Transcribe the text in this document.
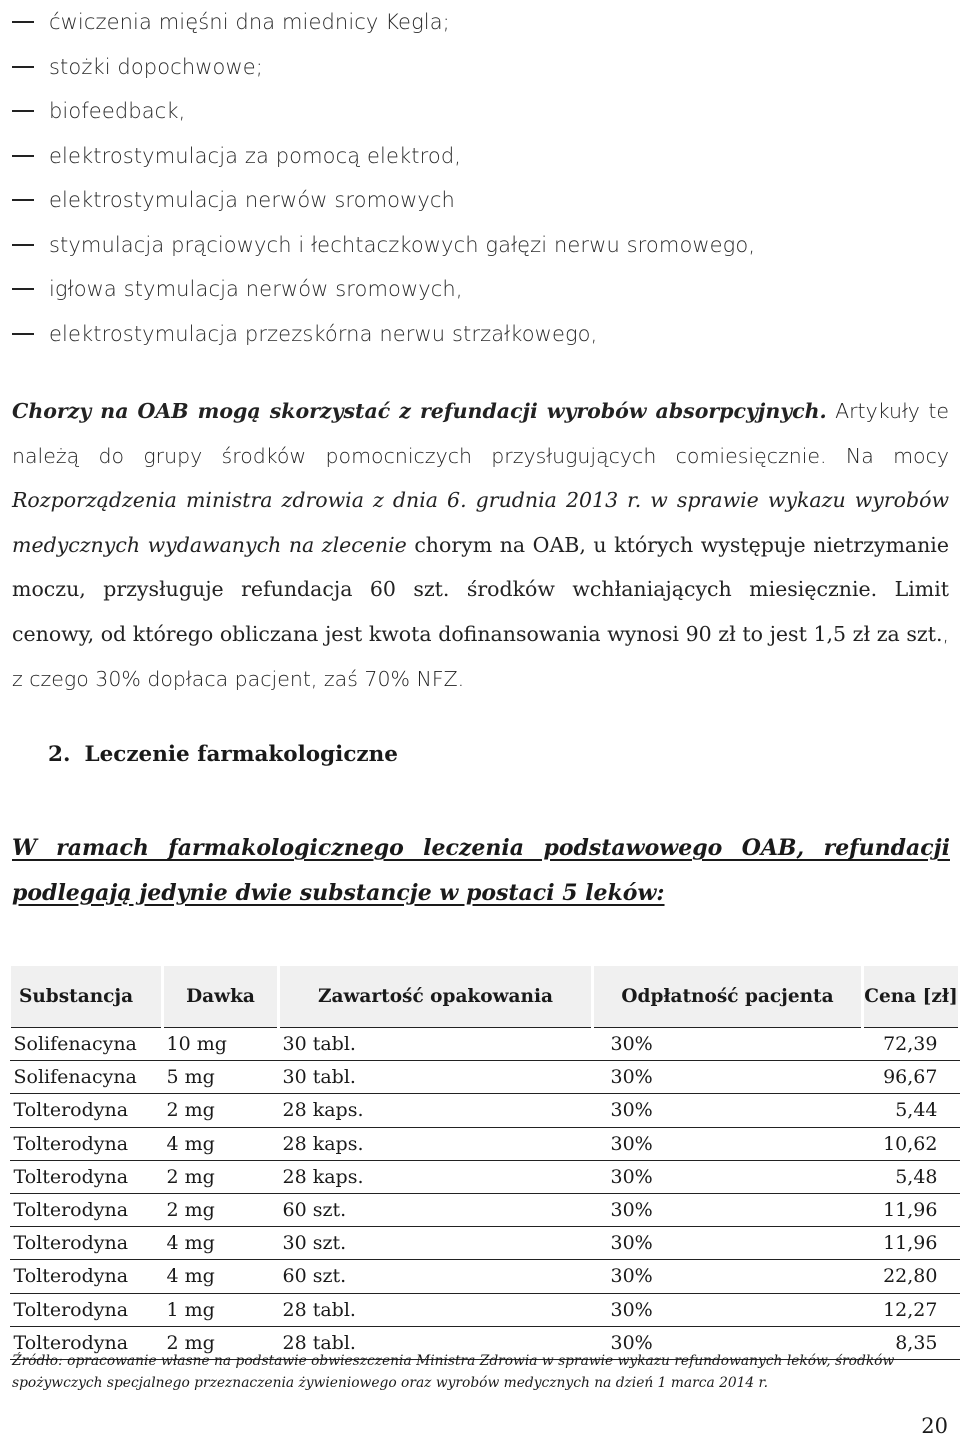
ćwiczenia mięśni dna miednicy Kegla;
stożki dopochwowe;
biofeedback,
elektrostymulacja za pomocą elektrod,
elektrostymulacja nerwów sromowych
stymulacja prąciowych i łechtaczkowych gałęzi nerwu sromowego,
igłowa stymulacja nerwów sromowych,
elektrostymulacja przezskórna nerwu strzałkowego,

Chorzy na OAB mogą skorzystać z refundacji wyrobów absorpcyjnych. Artykuły te należą do grupy środków pomocniczych przysługujących comiesięcznie. Na mocy Rozporządzenia ministra zdrowia z dnia 6. grudnia 2013 r. w sprawie wykazu wyrobów medycznych wydawanych na zlecenie chorym na OAB, u których występuje nietrzymanie moczu, przysługuje refundacja 60 szt. środków wchłaniających miesięcznie. Limit cenowy, od którego obliczana jest kwota dofinansowania wynosi 90 zł to jest 1,5 zł za szt., z czego 30% dopłaca pacjent, zaś 70% NFZ.

2. Leczenie farmakologiczne

W ramach farmakologicznego leczenia podstawowego OAB, refundacji podlegają jedynie dwie substancje w postaci 5 leków:

Substancja	Dawka	Zawartość opakowania	Odpłatność pacjenta	Cena [zł]
Solifenacyna	10 mg	30 tabl.	30%	72,39
Solifenacyna	5 mg	30 tabl.	30%	96,67
Tolterodyna	2 mg	28 kaps.	30%	5,44
Tolterodyna	4 mg	28 kaps.	30%	10,62
Tolterodyna	2 mg	28 kaps.	30%	5,48
Tolterodyna	2 mg	60 szt.	30%	11,96
Tolterodyna	4 mg	30 szt.	30%	11,96
Tolterodyna	4 mg	60 szt.	30%	22,80
Tolterodyna	1 mg	28 tabl.	30%	12,27
Tolterodyna	2 mg	28 tabl.	30%	8,35

Źródło: opracowanie własne na podstawie obwieszczenia Ministra Zdrowia w sprawie wykazu refundowanych leków, środków spożywczych specjalnego przeznaczenia żywieniowego oraz wyrobów medycznych na dzień 1 marca 2014 r.

20
